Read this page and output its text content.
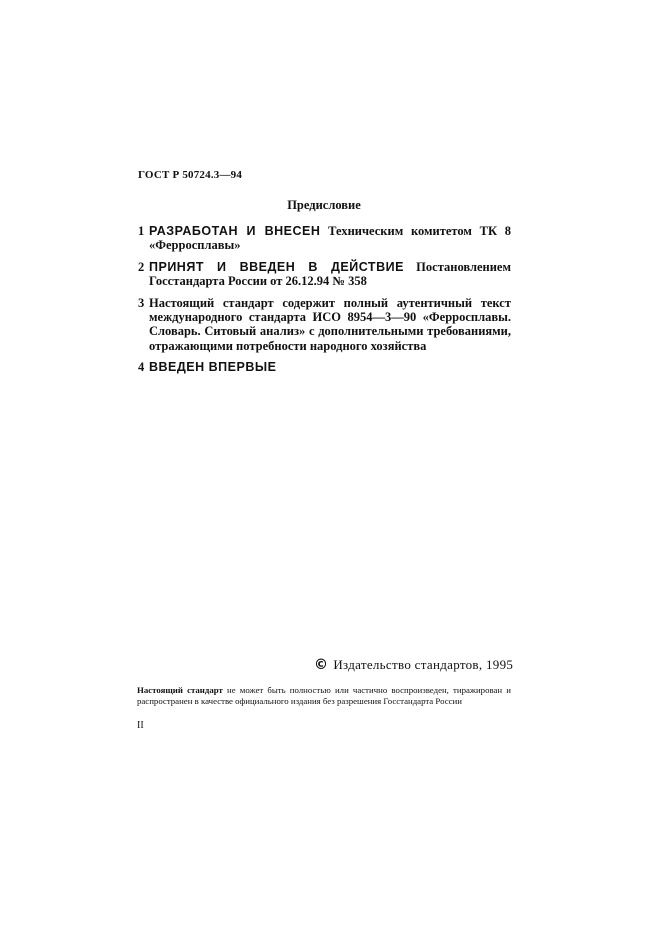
ГОСТ Р 50724.3—94
Предисловие
1 РАЗРАБОТАН И ВНЕСЕН Техническим комитетом ТК 8 «Ферросплавы»
2 ПРИНЯТ И ВВЕДЕН В ДЕЙСТВИЕ Постановлением Госстандарта России от 26.12.94 № 358
3 Настоящий стандарт содержит полный аутентичный текст международного стандарта ИСО 8954—3—90 «Ферросплавы. Словарь. Ситовый анализ» с дополнительными требованиями, отражающими потребности народного хозяйства
4 ВВЕДЕН ВПЕРВЫЕ
© Издательство стандартов, 1995
Настоящий стандарт не может быть полностью или частично воспроизведен, тиражирован и распространен в качестве официального издания без разрешения Госстандарта России
II
